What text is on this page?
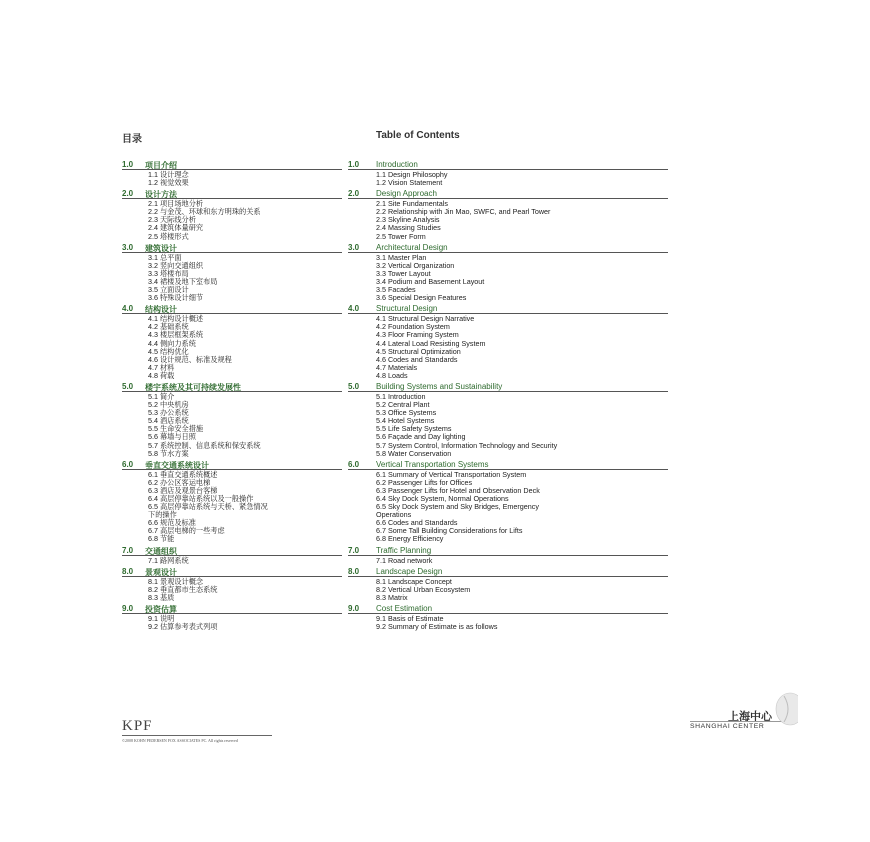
目录	Table of Contents
1.0 项目介绍	1.0 Introduction
1.1 设计理念	1.1 Design Philosophy
1.2 视觉效果	1.2 Vision Statement
2.0 设计方法	2.0 Design Approach
2.1 项目场地分析	2.1 Site Fundamentals
2.2 与金茂、环球和东方明珠的关系	2.2 Relationship with Jin Mao, SWFC, and Pearl Tower
2.3 天际线分析	2.3 Skyline Analysis
2.4 建筑体量研究	2.4 Massing Studies
2.5 塔楼形式	2.5 Tower Form
3.0 建筑设计	3.0 Architectural Design
3.1 总平面	3.1 Master Plan
3.2 竖向交通组织	3.2 Vertical Organization
3.3 塔楼布局	3.3 Tower Layout
3.4 裙楼及地下室布局	3.4 Podium and Basement Layout
3.5 立面设计	3.5 Facades
3.6 特殊设计细节	3.6 Special Design Features
4.0 结构设计	4.0 Structural Design
4.1 结构设计概述	4.1 Structural Design Narrative
4.2 基础系统	4.2 Foundation System
4.3 楼层框架系统	4.3 Floor Framing System
4.4 侧向力系统	4.4 Lateral Load Resisting System
4.5 结构优化	4.5 Structural Optimization
4.6 设计规范、标准及规程	4.6 Codes and Standards
4.7 材料	4.7 Materials
4.8 荷载	4.8 Loads
5.0 楼宇系统及其可持续发展性	5.0 Building Systems and Sustainability
5.1 简介	5.1 Introduction
5.2 中央机房	5.2 Central Plant
5.3 办公系统	5.3 Office Systems
5.4 酒店系统	5.4 Hotel Systems
5.5 生命安全措施	5.5 Life Safety Systems
5.6 幕墙与日照	5.6 Façade and Day lighting
5.7 系统控制、信息系统和保安系统	5.7 System Control, Information Technology and Security
5.8 节水方案	5.8 Water Conservation
6.0 垂直交通系统设计	6.0 Vertical Transportation Systems
6.1 垂直交通系统概述	6.1 Summary of Vertical Transportation System
6.2 办公区客运电梯	6.2 Passenger Lifts for Offices
6.3 酒店及观景台客梯	6.3 Passenger Lifts for Hotel and Observation Deck
6.4 高层停靠站系统以及一般操作	6.4 Sky Dock System, Normal Operations
6.5 高层停靠站系统与天桥、紧急情况	6.5 Sky Dock System and Sky Bridges, Emergency
下的操作	Operations
6.6 规范及标准	6.6 Codes and Standards
6.7 高层电梯的一些考虑	6.7 Some Tall Building Considerations for Lifts
6.8 节能	6.8 Energy Efficiency
7.0 交通组织	7.0 Traffic Planning
7.1 路网系统	7.1 Road network
8.0 景观设计	8.0 Landscape Design
8.1 景观设计概念	8.1 Landscape Concept
8.2 垂直都市生态系统	8.2 Vertical Urban Ecosystem
8.3 基质	8.3 Matrix
9.0 投资估算	9.0 Cost Estimation
9.1 说明	9.1 Basis of Estimate
9.2 估算参考表式列项	9.2 Summary of Estimate is as follows
KPF
©2008 KOHN PEDERSEN FOX ASSOCIATES PC. All rights reserved
上海中心
SHANGHAI CENTER
